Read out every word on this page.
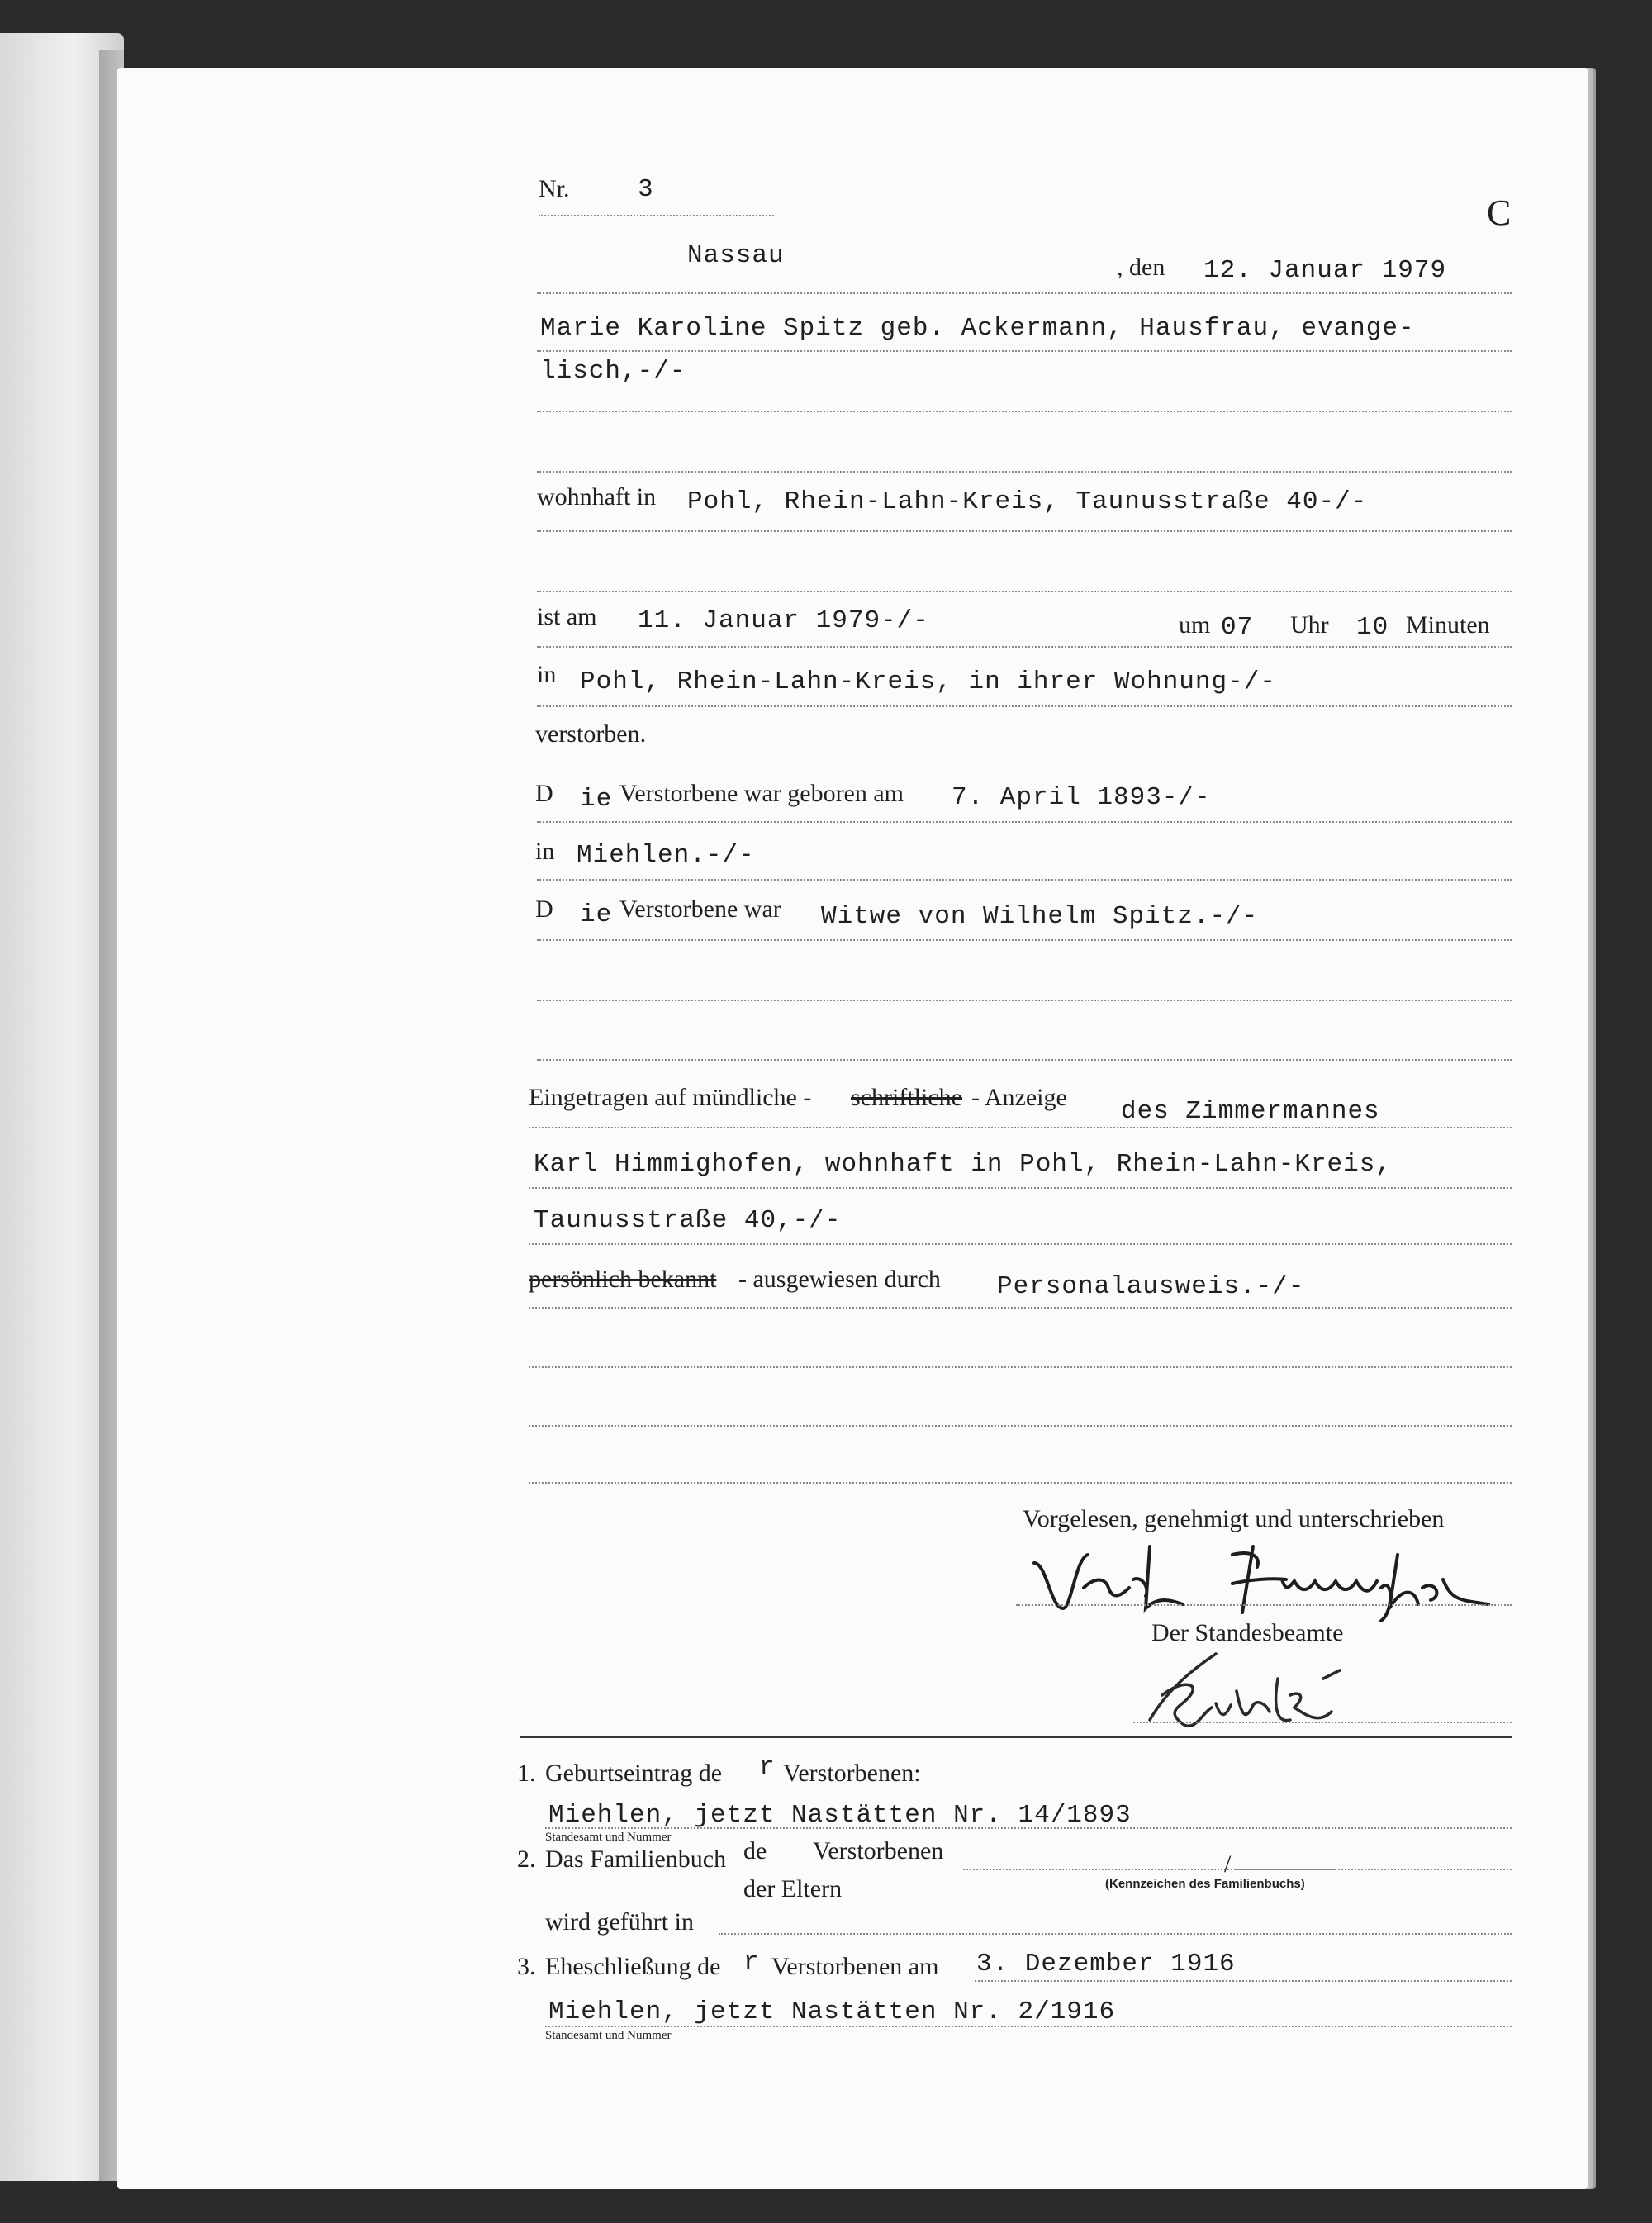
Nr.	3
C
Nassau	, den 12. Januar 1979
Marie Karoline Spitz geb. Ackermann, Hausfrau, evange-
lisch,-/-
wohnhaft in Pohl, Rhein-Lahn-Kreis, Taunusstraße 40-/-
ist am 11. Januar 1979-/-	um 07 Uhr 10 Minuten
in Pohl, Rhein-Lahn-Kreis, in ihrer Wohnung-/-
verstorben.
D ie Verstorbene war geboren am 7. April 1893-/-
in Miehlen.-/-
D ie Verstorbene war Witwe von Wilhelm Spitz.-/-
Eingetragen auf mündliche - schriftliche - Anzeige des Zimmermannes
Karl Himmighofen, wohnhaft in Pohl, Rhein-Lahn-Kreis,
Taunusstraße 40,-/-
persönlich bekannt - ausgewiesen durch Personalausweis.-/-
Vorgelesen, genehmigt und unterschrieben
Der Standesbeamte
1. Geburtseintrag de r Verstorbenen:
Miehlen, jetzt Nastätten Nr. 14/1893
Standesamt und Nummer
2. Das Familienbuch de Verstorbenen
der Eltern
/
(Kennzeichen des Familienbuchs)
wird geführt in
3. Eheschließung de r Verstorbenen am 3. Dezember 1916
Miehlen, jetzt Nastätten Nr. 2/1916
Standesamt und Nummer
